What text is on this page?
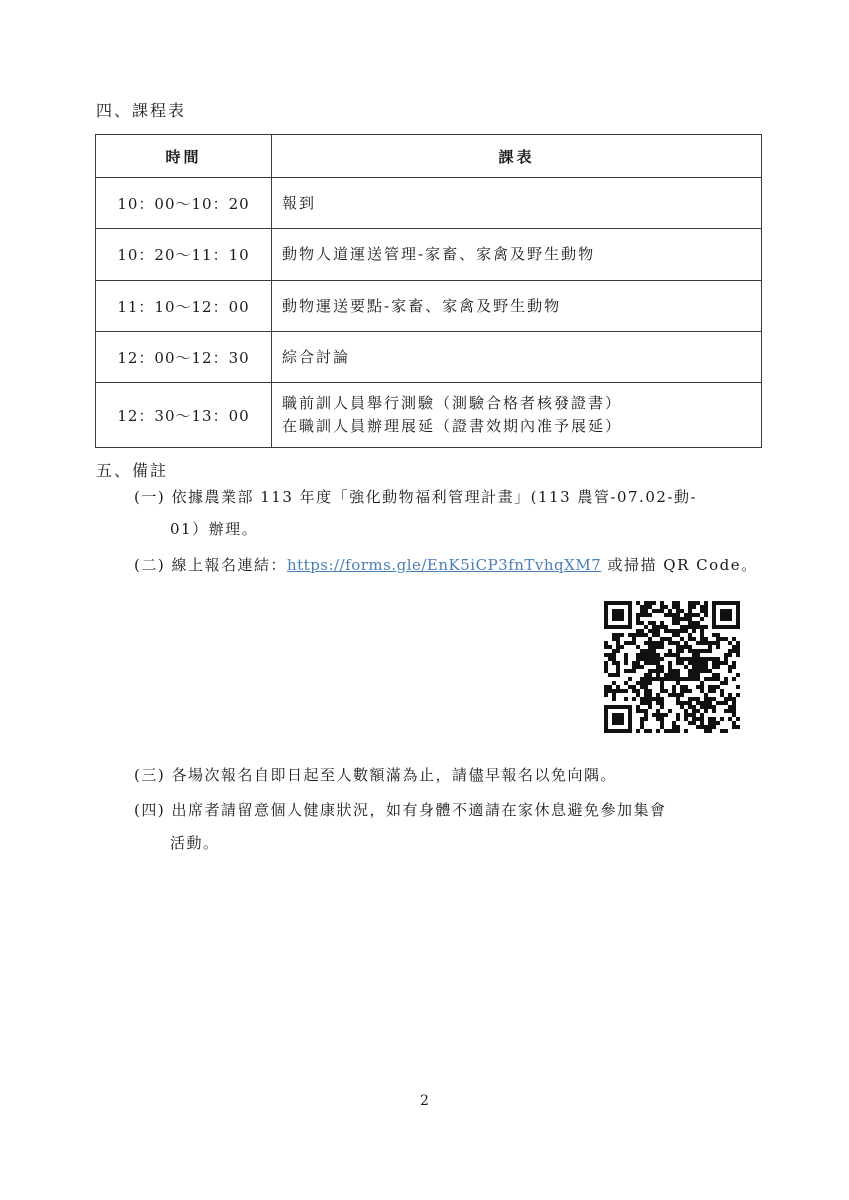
四、課程表
時間	課表
10：00～10：20	報到
10：20～11：10	動物人道運送管理-家畜、家禽及野生動物
11：10～12：00	動物運送要點-家畜、家禽及野生動物
12：00～12：30	綜合討論
12：30～13：00	職前訓人員舉行測驗（測驗合格者核發證書）
在職訓人員辦理展延（證書效期內准予展延）
五、備註
(一) 依據農業部 113 年度「強化動物福利管理計畫」(113 農管-07.02-動-
01）辦理。
(二) 線上報名連結：https://forms.gle/EnK5iCP3fnTvhqXM7 或掃描 QR Code。
(三) 各場次報名自即日起至人數額滿為止，請儘早報名以免向隅。
(四) 出席者請留意個人健康狀況，如有身體不適請在家休息避免參加集會
活動。
2
